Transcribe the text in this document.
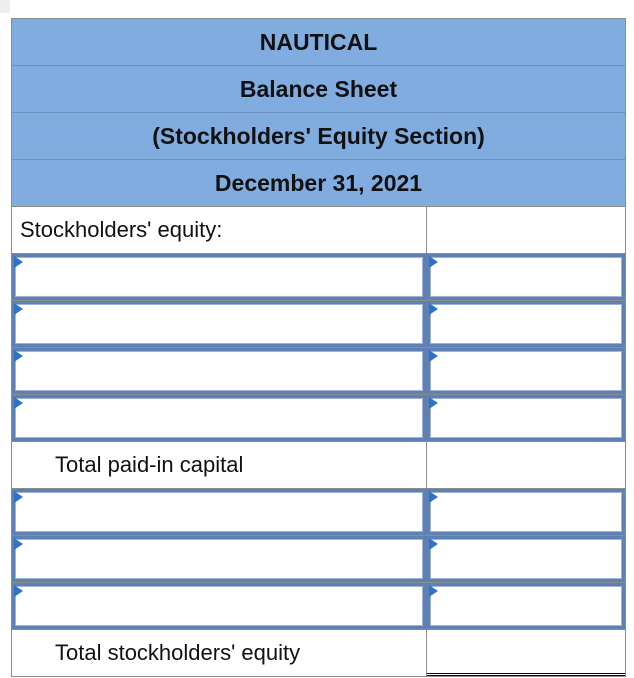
NAUTICAL
Balance Sheet
(Stockholders' Equity Section)
December 31, 2021
Stockholders' equity:
Total paid-in capital
Total stockholders' equity
